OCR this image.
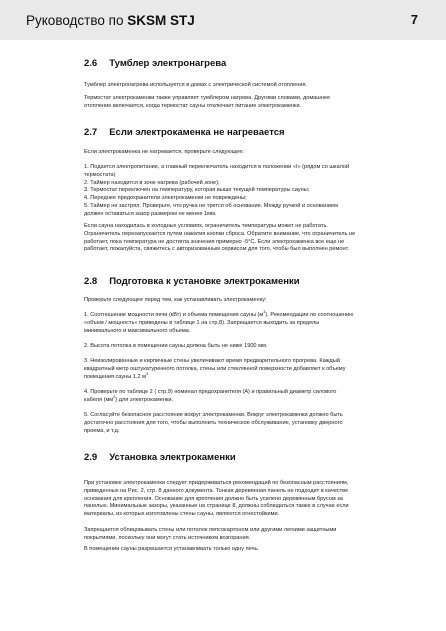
Руководство по SKSM STJ	7
2.6 Тумблер электронагрева

Тумблер электронагрева используется в домах с электрической системой отопления.

Термостат электрокаменки также управляет тумблером нагрева. Другими словами, домашнее
отопление включается, когда термостат сауны отключает питание электрокаменки.

2.7 Если электрокаменка не нагревается

Если электрокаменка не нагревается, проверьте следующее:

1. Подается электропитание, а главный переключатель находится в положении «I» (рядом со шкалой
термостата)
2. Таймер находится в зоне нагрева (рабочей зоне);
3. Термостат переключен на температуру, которая выше текущей температуры сауны;
4. Переднее предохранители электрокаменки не повреждены;
5. Таймер не застрял. Проверьте, что ручка не трется об основание. Между ручкой и основанием
должен оставаться зазор размером не менее 1мм.

Если сауна находилась в холодных условиях, ограничитель температуры может не работать.
Ограничитель перезапускается путем нажатия кнопки сброса. Обратите внимание, что ограничитель не
работает, пока температура не достигла значения примерно -5°C. Если электрокаменка все еще не
работает, пожалуйста, свяжитесь с авторизованным сервисом для того, чтобы был выполнен ремонт.

2.8 Подготовка к установке электрокаменки

Проверьте следующее перед тем, как устанавливать электрокаменку:

1. Соотношение мощности печи (кВт) и объема помещения сауны $(м^3)$. Рекомендации по соотношению
«объем / мощность» приведены в таблице 1 на стр.8). Запрещается выходить за пределы
минимального и максимального объема.

2. Высота потолка в помещении сауны должна быть не ниже 1900 мм.

3. Неизолированные и кирпичные стены увеличивают время предварительного прогрева. Каждый
квадратный метр оштукатуренного потолка, стены или стеклянной поверхности добавляет к объему
помещения сауны 1,2 $м^3$

4. Проверьте по таблице 2 ( стр.9) номинал предохранителя (А) и правильный диаметр силового
кабеля $(мм^2)$ для электрокаменки.

5. Согласуйте безопасное расстояние вокруг электрокаменки. Вокруг электрокаменки должно быть
достаточно расстояния для того, чтобы выполнить техническое обслуживание, установку дверного
проема, и т.д.

2.9 Установка электрокаменки

При установке электрокаменки следует придерживаться рекомендаций по безопасным расстояниям,
приведенных на Рис. 2, стр. 8 данного документа. Тонкая деревянная панель не подходит в качестве
основания для крепления. Основание для крепления должно быть усилено деревянным брусом за
панелью. Минимальные зазоры, указанные на странице 8, должны соблюдаться также в случае если
материалы, из которых изготовлены стены сауны, являются огнестойкими.

Запрещается облицовывать стены или потолок пепсокартоном или другими легкими защитными
покрытиями, поскольку они могут стать источником возгорания.

В помещении сауны разрешается устанавливать только одну печь.
